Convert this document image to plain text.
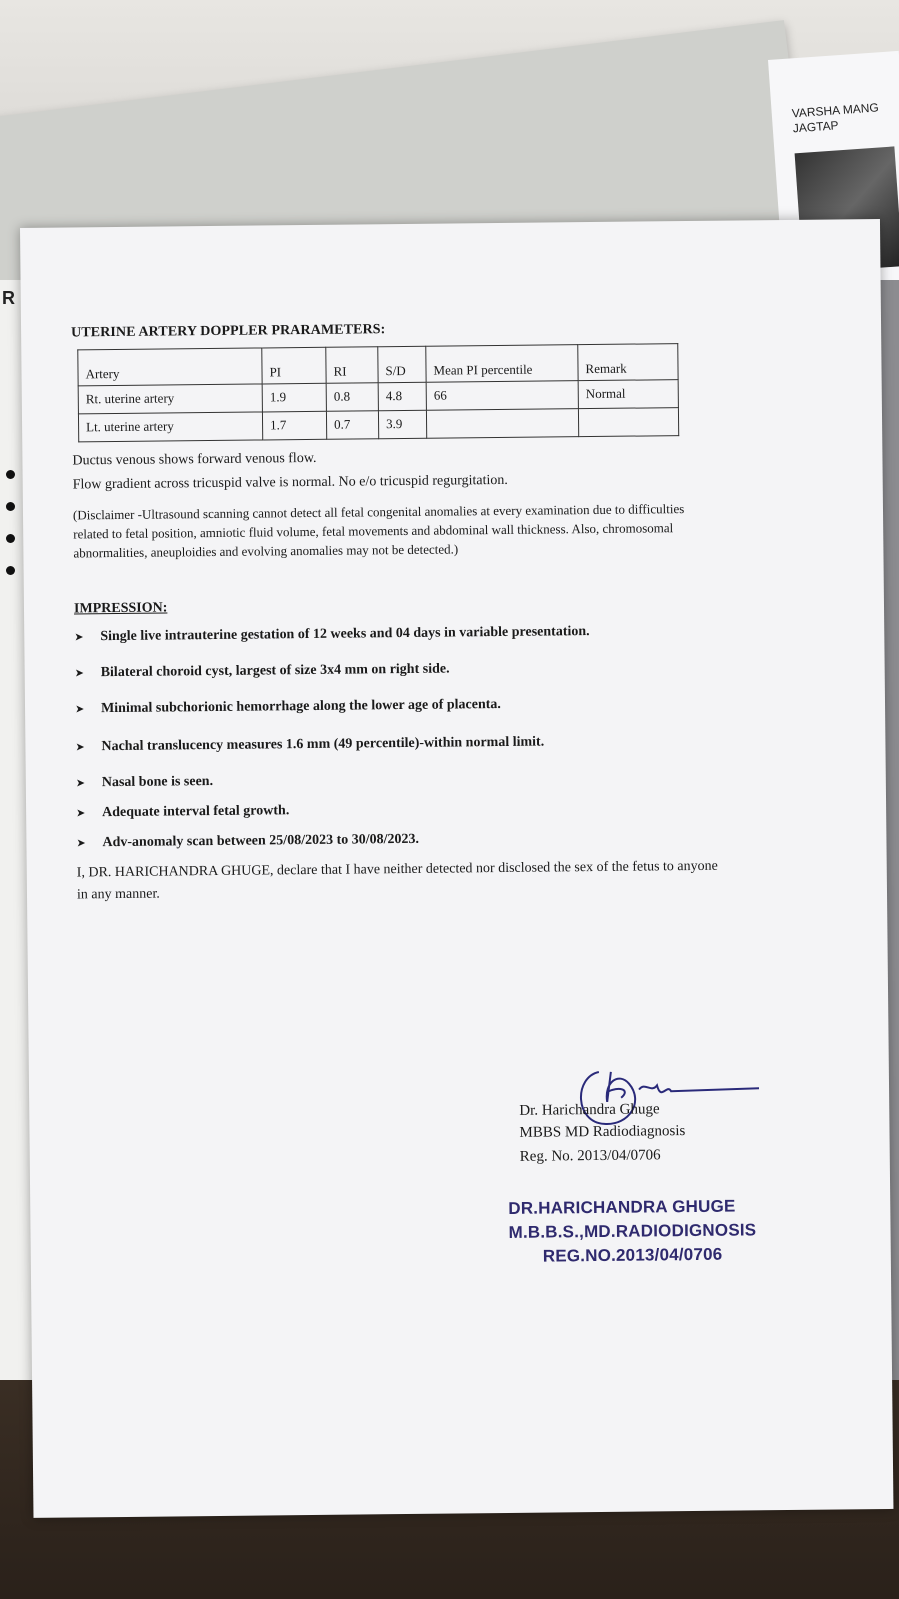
VARSHA MANG
JAGTAP
R
UTERINE ARTERY DOPPLER PRARAMETERS:
Artery	PI	RI	S/D	Mean PI percentile	Remark
Rt. uterine artery	1.9	0.8	4.8	66	Normal
Lt. uterine artery	1.7	0.7	3.9		
Ductus venous shows forward venous flow.
Flow gradient across tricuspid valve is normal. No e/o tricuspid regurgitation.
(Disclaimer -Ultrasound scanning cannot detect all fetal congenital anomalies at every examination due to difficulties
related to fetal position, amniotic fluid volume, fetal movements and abdominal wall thickness. Also, chromosomal
abnormalities, aneuploidies and evolving anomalies may not be detected.)
IMPRESSION:
➤ Single live intrauterine gestation of 12 weeks and 04 days in variable presentation.
➤ Bilateral choroid cyst, largest of size 3x4 mm on right side.
➤ Minimal subchorionic hemorrhage along the lower age of placenta.
➤ Nachal translucency measures 1.6 mm (49 percentile)-within normal limit.
➤ Nasal bone is seen.
➤ Adequate interval fetal growth.
➤ Adv-anomaly scan between 25/08/2023 to 30/08/2023.
I, DR. HARICHANDRA GHUGE, declare that I have neither detected nor disclosed the sex of the fetus to anyone
in any manner.
Dr. Harichandra Ghuge
MBBS MD Radiodiagnosis
Reg. No. 2013/04/0706
DR.HARICHANDRA GHUGE
M.B.B.S.,MD.RADIODIGNOSIS
REG.NO.2013/04/0706
